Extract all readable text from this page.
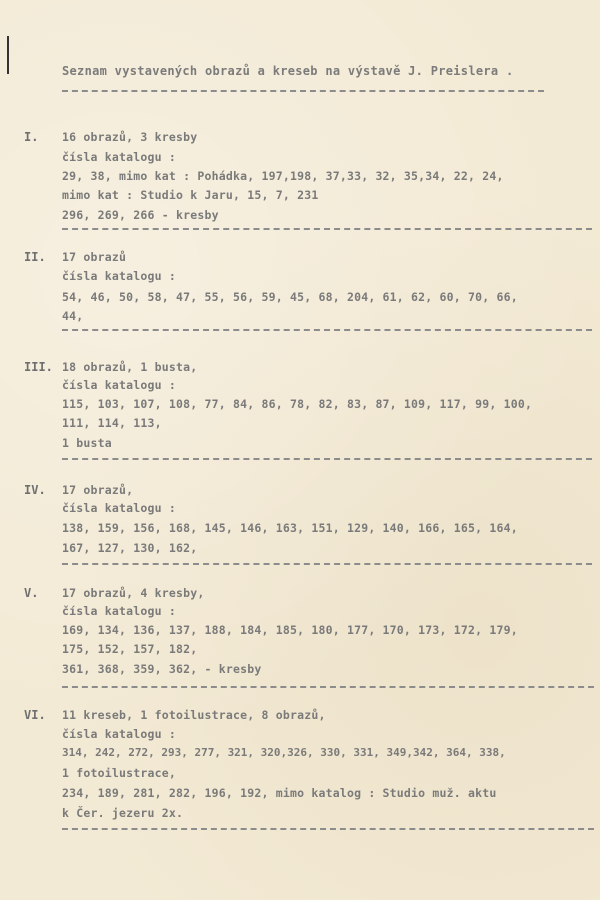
Seznam vystavených obrazů a kreseb na výstavě J. Preislera .
I. 16 obrazů, 3 kresby
čísla katalogu :
29, 38, mimo kat : Pohádka, 197,198, 37,33, 32, 35,34, 22, 24,
mimo kat : Studio k Jaru, 15, 7, 231
296, 269, 266 - kresby
II. 17 obrazů
čísla katalogu :
54, 46, 50, 58, 47, 55, 56, 59, 45, 68, 204, 61, 62, 60, 70, 66,
44,
III. 18 obrazů, 1 busta,
čísla katalogu :
115, 103, 107, 108, 77, 84, 86, 78, 82, 83, 87, 109, 117, 99, 100,
111, 114, 113,
1 busta
IV. 17 obrazů,
čísla katalogu :
138, 159, 156, 168, 145, 146, 163, 151, 129, 140, 166, 165, 164,
167, 127, 130, 162,
V. 17 obrazů, 4 kresby,
čísla katalogu :
169, 134, 136, 137, 188, 184, 185, 180, 177, 170, 173, 172, 179,
175, 152, 157, 182,
361, 368, 359, 362, - kresby
VI. 11 kreseb, 1 fotoilustrace, 8 obrazů,
čísla katalogu :
314, 242, 272, 293, 277, 321, 320,326, 330, 331, 349,342, 364, 338,
1 fotoilustrace,
234, 189, 281, 282, 196, 192, mimo katalog : Studio muž. aktu
k Čer. jezeru 2x.
